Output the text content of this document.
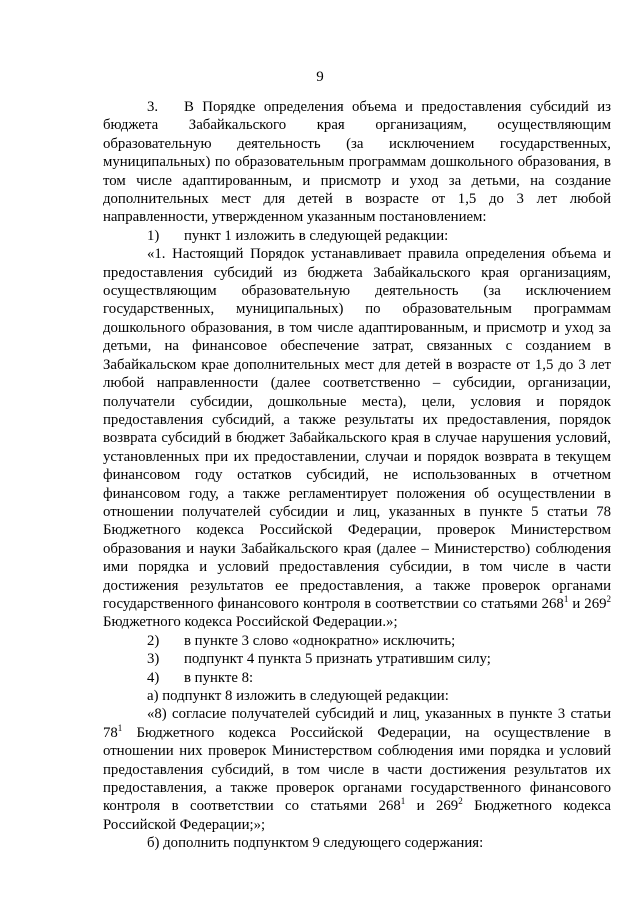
9

3. В Порядке определения объема и предоставления субсидий из бюджета Забайкальского края организациям, осуществляющим образовательную деятельность (за исключением государственных, муниципальных) по образовательным программам дошкольного образования, в том числе адаптированным, и присмотр и уход за детьми, на создание дополнительных мест для детей в возрасте от 1,5 до 3 лет любой направленности, утвержденном указанным постановлением:

1) пункт 1 изложить в следующей редакции:

«1. Настоящий Порядок устанавливает правила определения объема и предоставления субсидий из бюджета Забайкальского края организациям, осуществляющим образовательную деятельность (за исключением государственных, муниципальных) по образовательным программам дошкольного образования, в том числе адаптированным, и присмотр и уход за детьми, на финансовое обеспечение затрат, связанных с созданием в Забайкальском крае дополнительных мест для детей в возрасте от 1,5 до 3 лет любой направленности (далее соответственно – субсидии, организации, получатели субсидии, дошкольные места), цели, условия и порядок предоставления субсидий, а также результаты их предоставления, порядок возврата субсидий в бюджет Забайкальского края в случае нарушения условий, установленных при их предоставлении, случаи и порядок возврата в текущем финансовом году остатков субсидий, не использованных в отчетном финансовом году, а также регламентирует положения об осуществлении в отношении получателей субсидии и лиц, указанных в пункте 5 статьи 78 Бюджетного кодекса Российской Федерации, проверок Министерством образования и науки Забайкальского края (далее – Министерство) соблюдения ими порядка и условий предоставления субсидии, в том числе в части достижения результатов ее предоставления, а также проверок органами государственного финансового контроля в соответствии со статьями $268^1$ и $269^2$ Бюджетного кодекса Российской Федерации.»;

2) в пункте 3 слово «однократно» исключить;

3) подпункт 4 пункта 5 признать утратившим силу;

4) в пункте 8:

а) подпункт 8 изложить в следующей редакции:

«8) согласие получателей субсидий и лиц, указанных в пункте 3 статьи $78^1$ Бюджетного кодекса Российской Федерации, на осуществление в отношении них проверок Министерством соблюдения ими порядка и условий предоставления субсидий, в том числе в части достижения результатов их предоставления, а также проверок органами государственного финансового контроля в соответствии со статьями $268^1$ и $269^2$ Бюджетного кодекса Российской Федерации;»;

б) дополнить подпунктом 9 следующего содержания:
